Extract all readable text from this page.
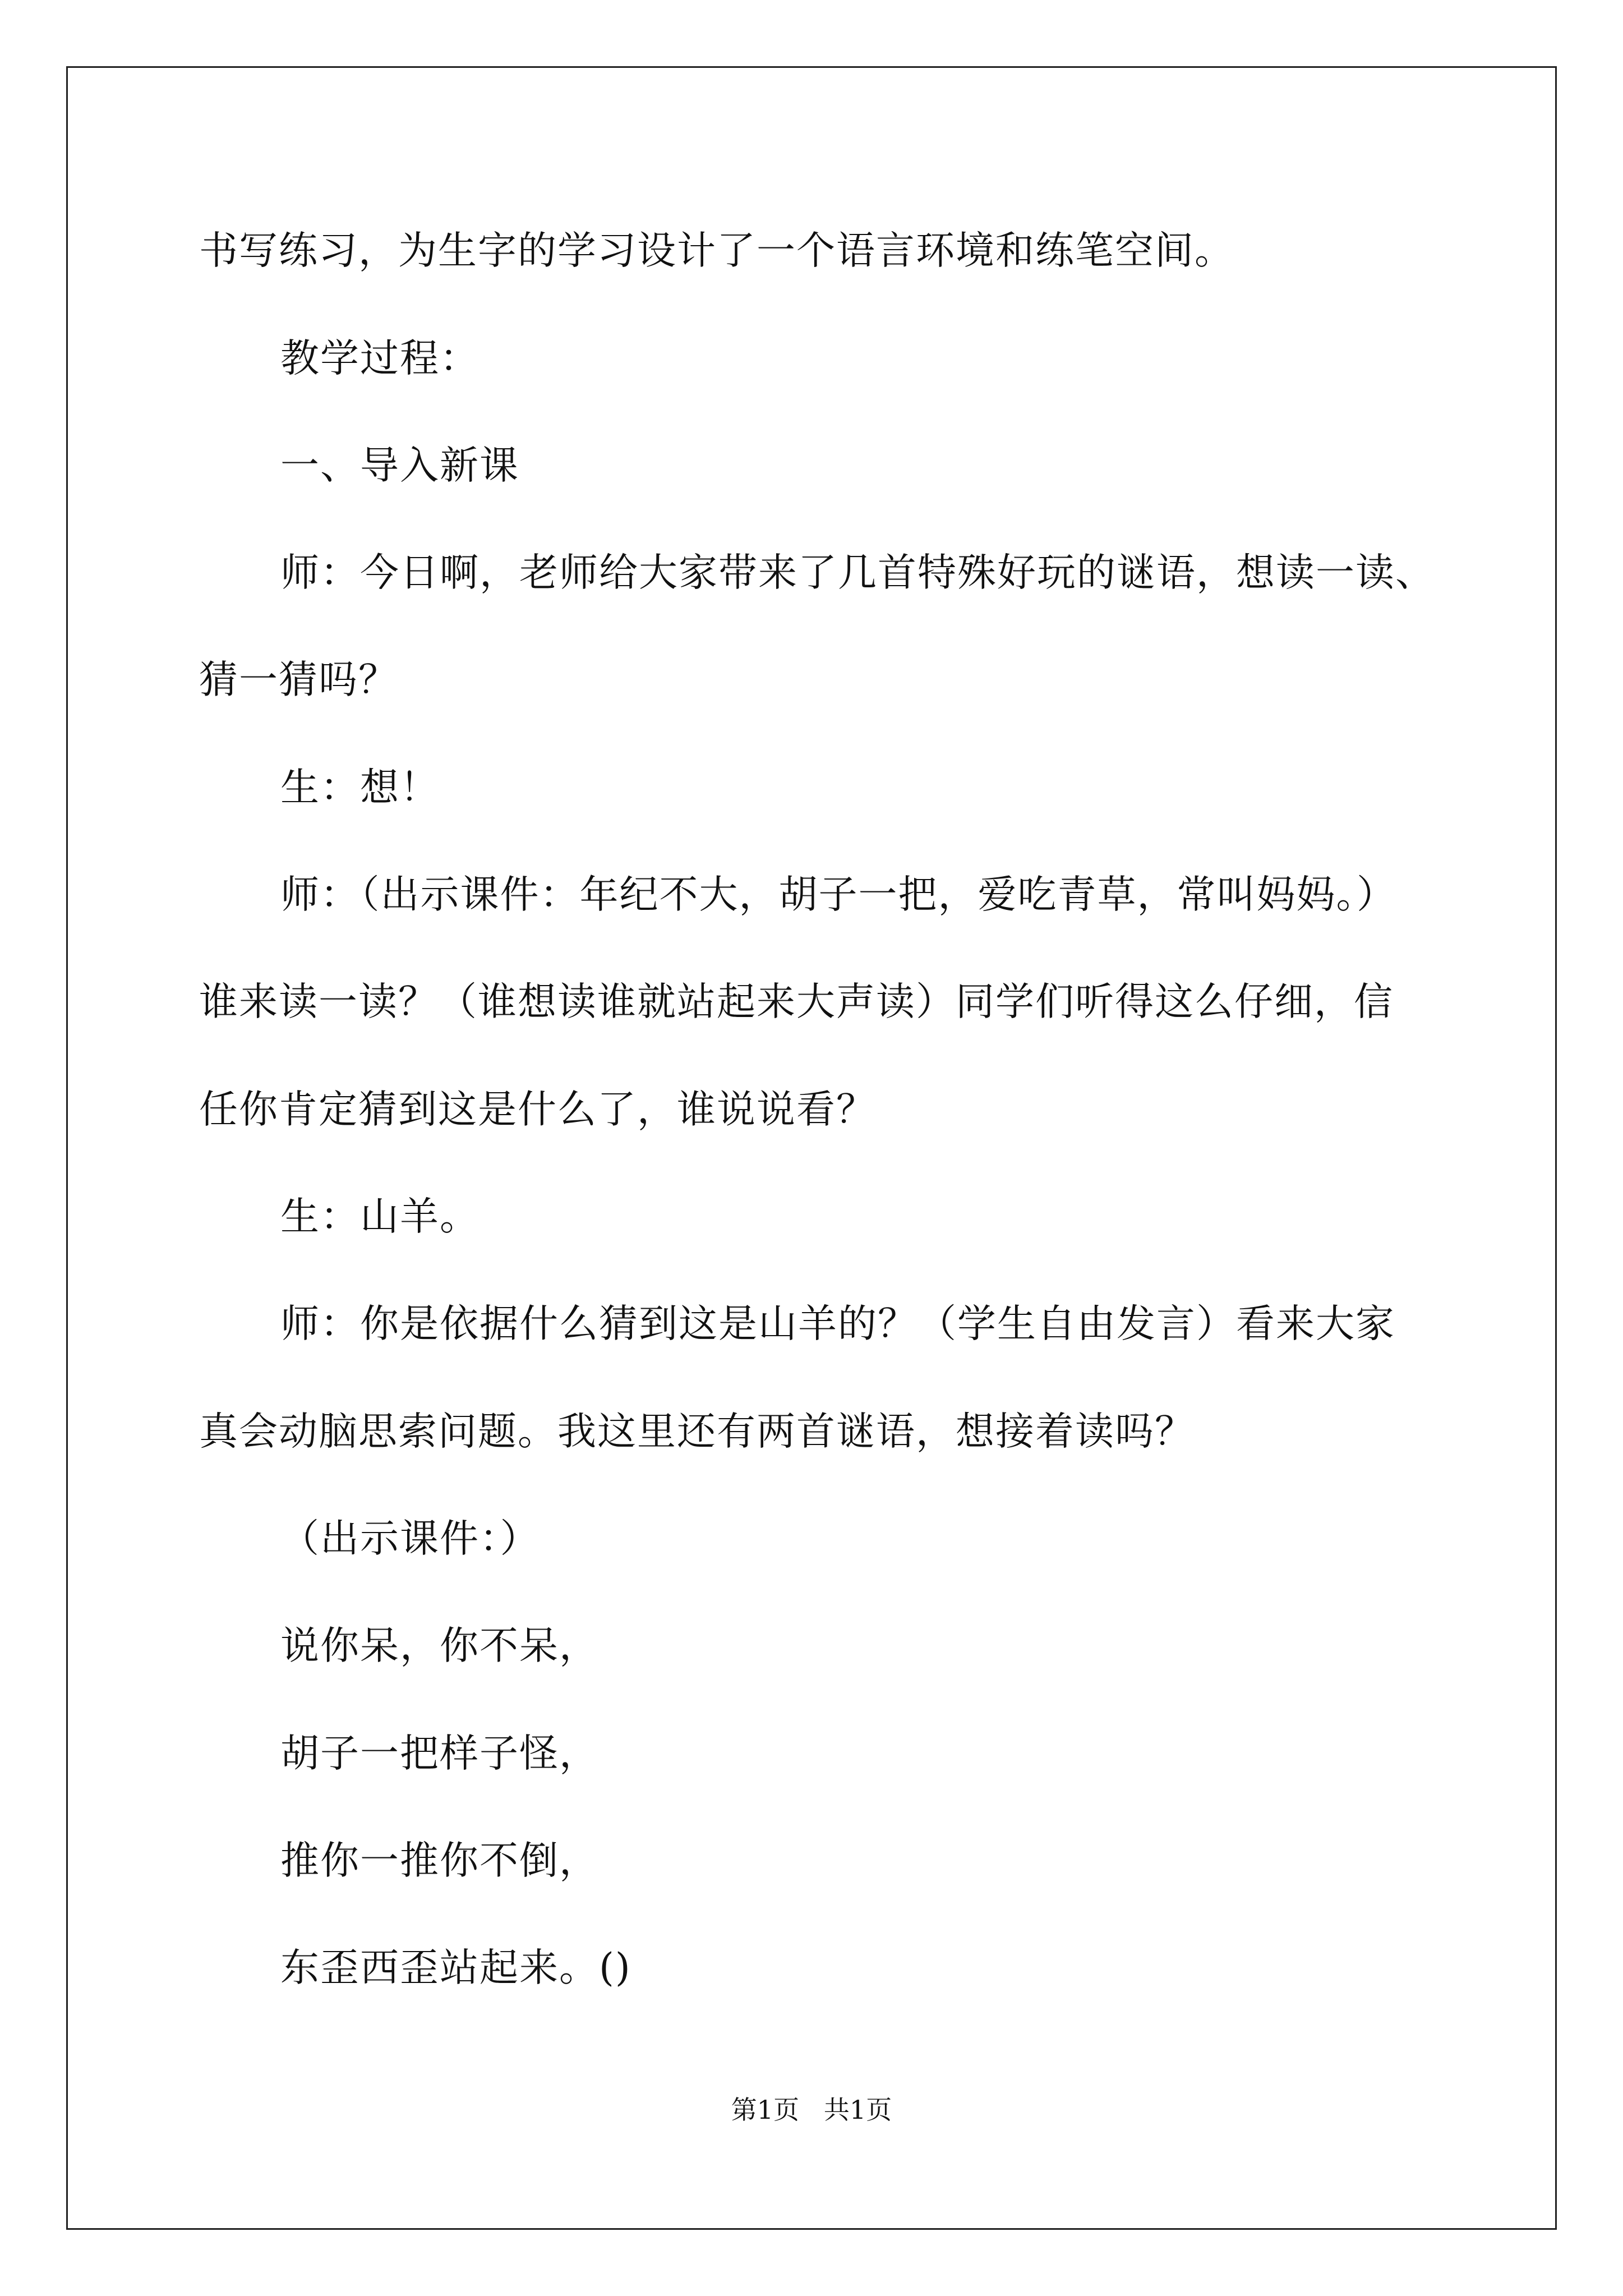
书写练习，为生字的学习设计了一个语言环境和练笔空间。
教学过程：
一、导入新课
师：今日啊，老师给大家带来了几首特殊好玩的谜语，想读一读、
猜一猜吗？
生：想！
师：（出示课件：年纪不大，胡子一把，爱吃青草，常叫妈妈。）
谁来读一读？（谁想读谁就站起来大声读）同学们听得这么仔细，信
任你肯定猜到这是什么了，谁说说看？
生：山羊。
师：你是依据什么猜到这是山羊的？（学生自由发言）看来大家
真会动脑思索问题。我这里还有两首谜语，想接着读吗？
（出示课件：）
说你呆，你不呆，
胡子一把样子怪，
推你一推你不倒，
东歪西歪站起来。()
第1页   共1页
